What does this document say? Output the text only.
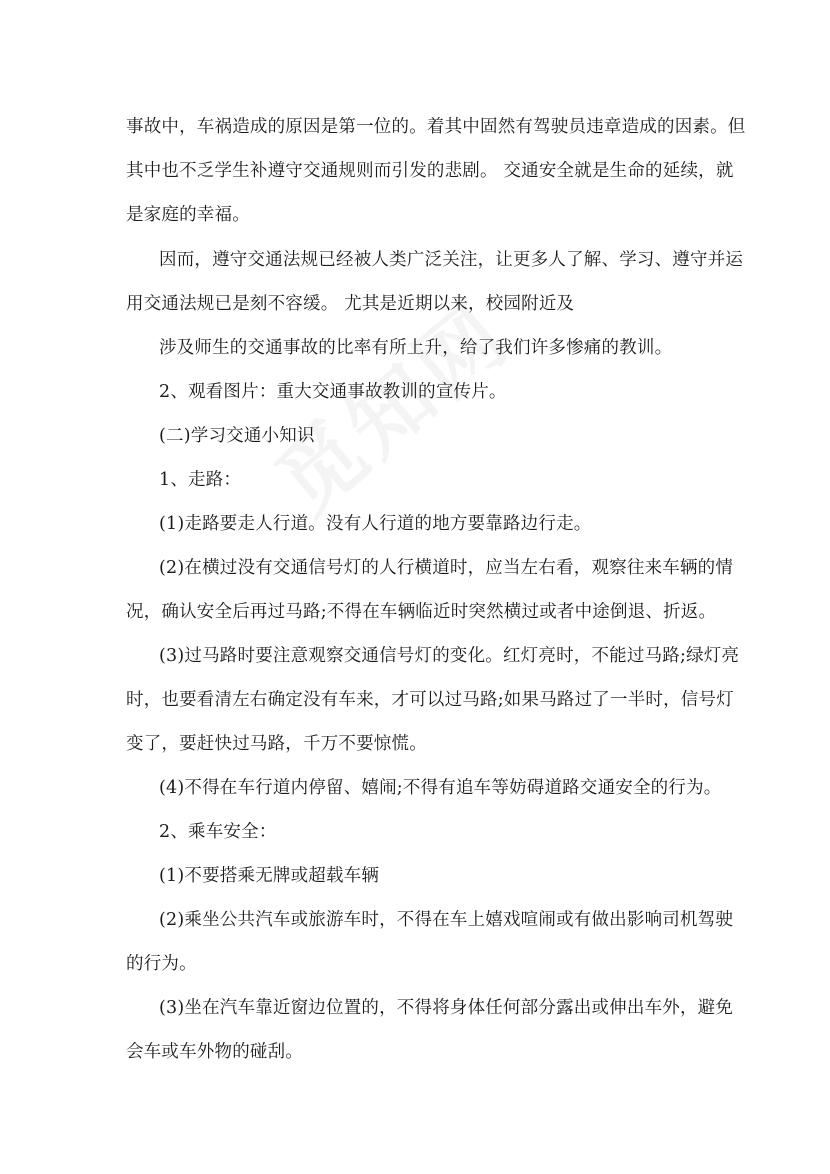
事故中，车祸造成的原因是第一位的。着其中固然有驾驶员违章造成的因素。但
其中也不乏学生补遵守交通规则而引发的悲剧。 交通安全就是生命的延续，就
是家庭的幸福。
因而，遵守交通法规已经被人类广泛关注，让更多人了解、学习、遵守并运
用交通法规已是刻不容缓。 尤其是近期以来，校园附近及
涉及师生的交通事故的比率有所上升，给了我们许多惨痛的教训。
2、观看图片：重大交通事故教训的宣传片。
(二)学习交通小知识
1、走路：
(1)走路要走人行道。没有人行道的地方要靠路边行走。
(2)在横过没有交通信号灯的人行横道时，应当左右看，观察往来车辆的情
况，确认安全后再过马路;不得在车辆临近时突然横过或者中途倒退、折返。
(3)过马路时要注意观察交通信号灯的变化。红灯亮时，不能过马路;绿灯亮
时，也要看清左右确定没有车来，才可以过马路;如果马路过了一半时，信号灯
变了，要赶快过马路，千万不要惊慌。
(4)不得在车行道内停留、嬉闹;不得有追车等妨碍道路交通安全的行为。
2、乘车安全：
(1)不要搭乘无牌或超载车辆
(2)乘坐公共汽车或旅游车时，不得在车上嬉戏喧闹或有做出影响司机驾驶
的行为。
(3)坐在汽车靠近窗边位置的，不得将身体任何部分露出或伸出车外，避免
会车或车外物的碰刮。
